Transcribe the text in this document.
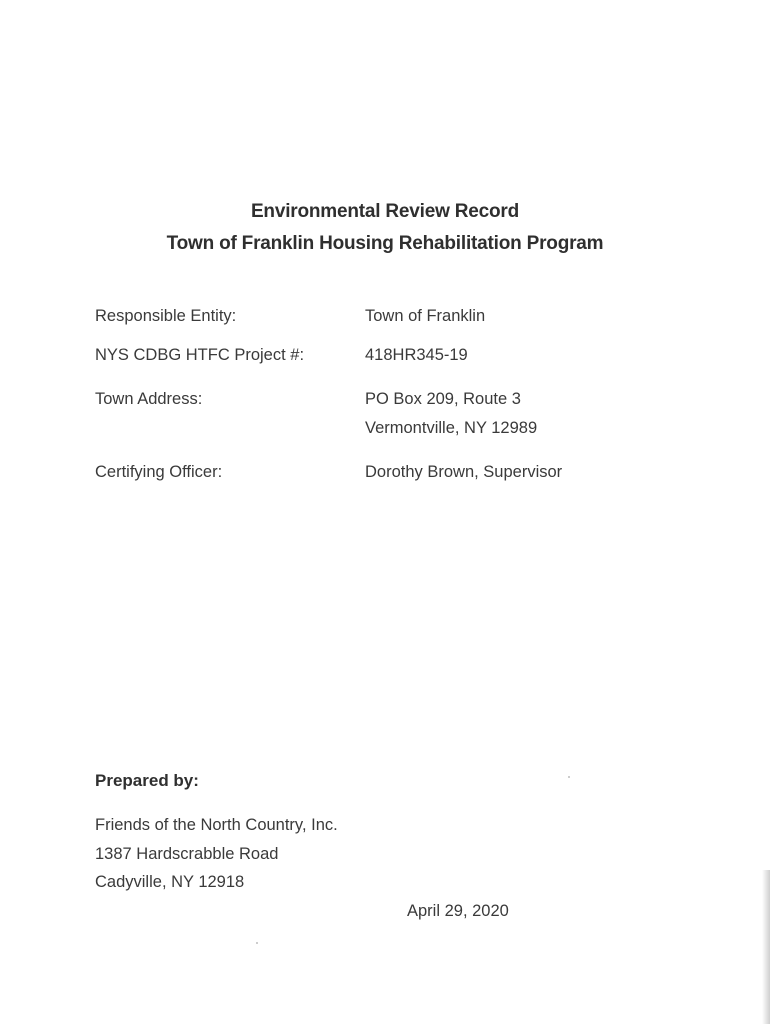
Environmental Review Record
Town of Franklin Housing Rehabilitation Program
Responsible Entity:	Town of Franklin
NYS CDBG HTFC Project #:	418HR345-19
Town Address:	PO Box 209, Route 3
Vermontville, NY 12989
Certifying Officer:	Dorothy Brown, Supervisor
Prepared by:
Friends of the North Country, Inc.
1387 Hardscrabble Road
Cadyville, NY 12918
April 29, 2020
